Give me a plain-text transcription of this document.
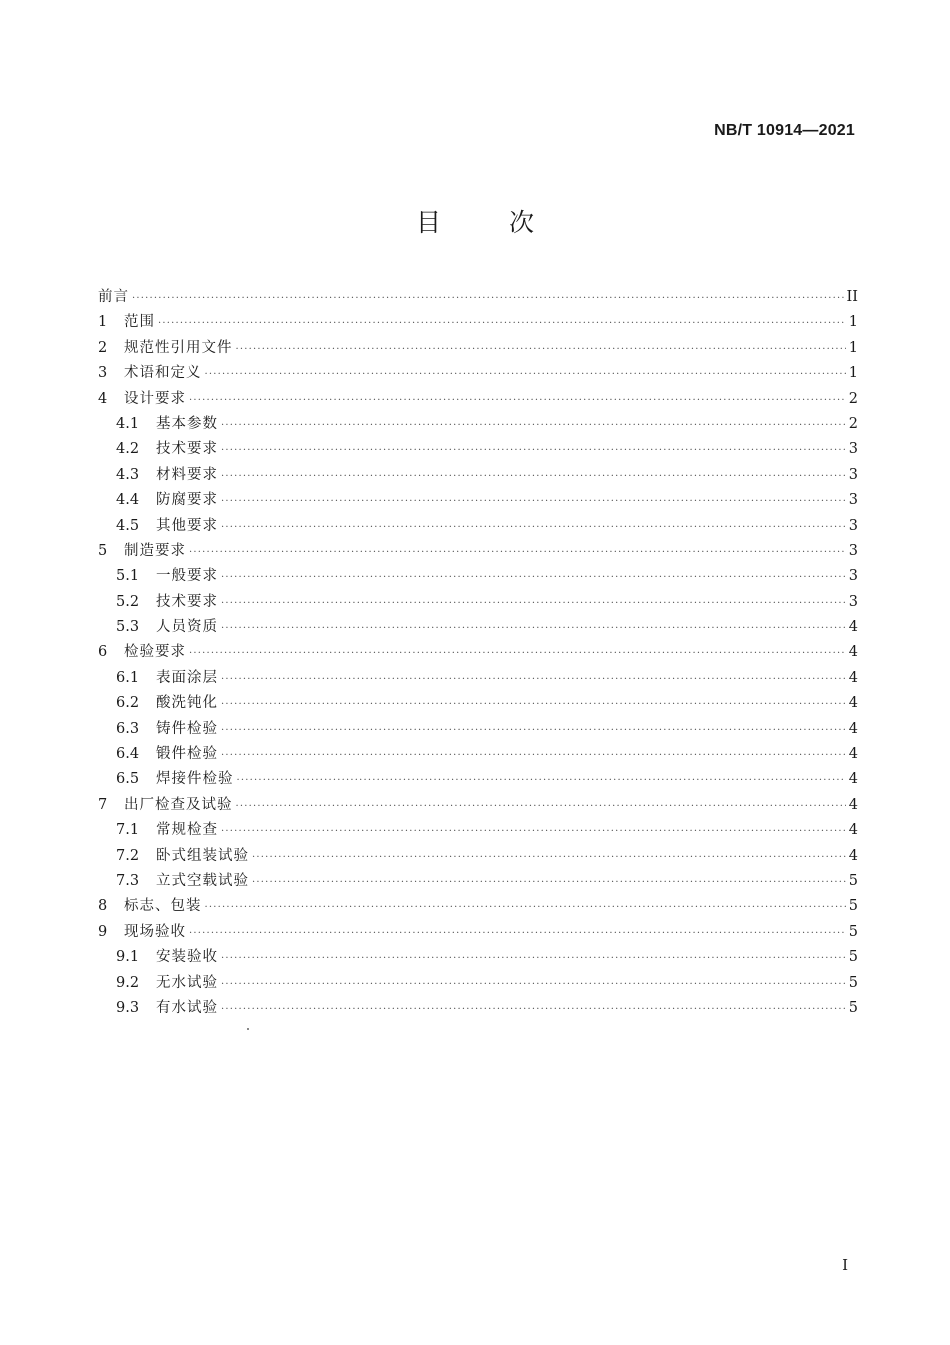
NB/T 10914—2021
目	次
前言 ·····	II
1	范围 ·····	1
2	规范性引用文件 ·····	1
3	术语和定义 ·····	1
4	设计要求 ·····	2
4.1	基本参数 ·····	2
4.2	技术要求 ·····	3
4.3	材料要求 ·····	3
4.4	防腐要求 ·····	3
4.5	其他要求 ·····	3
5	制造要求 ·····	3
5.1	一般要求 ·····	3
5.2	技术要求 ·····	3
5.3	人员资质 ·····	4
6	检验要求 ·····	4
6.1	表面涂层 ·····	4
6.2	酸洗钝化 ·····	4
6.3	铸件检验 ·····	4
6.4	锻件检验 ·····	4
6.5	焊接件检验 ·····	4
7	出厂检查及试验 ·····	4
7.1	常规检查 ·····	4
7.2	卧式组装试验 ·····	4
7.3	立式空载试验 ·····	5
8	标志、包装 ·····	5
9	现场验收 ·····	5
9.1	安装验收 ·····	5
9.2	无水试验 ·····	5
9.3	有水试验 ·····	5
I
